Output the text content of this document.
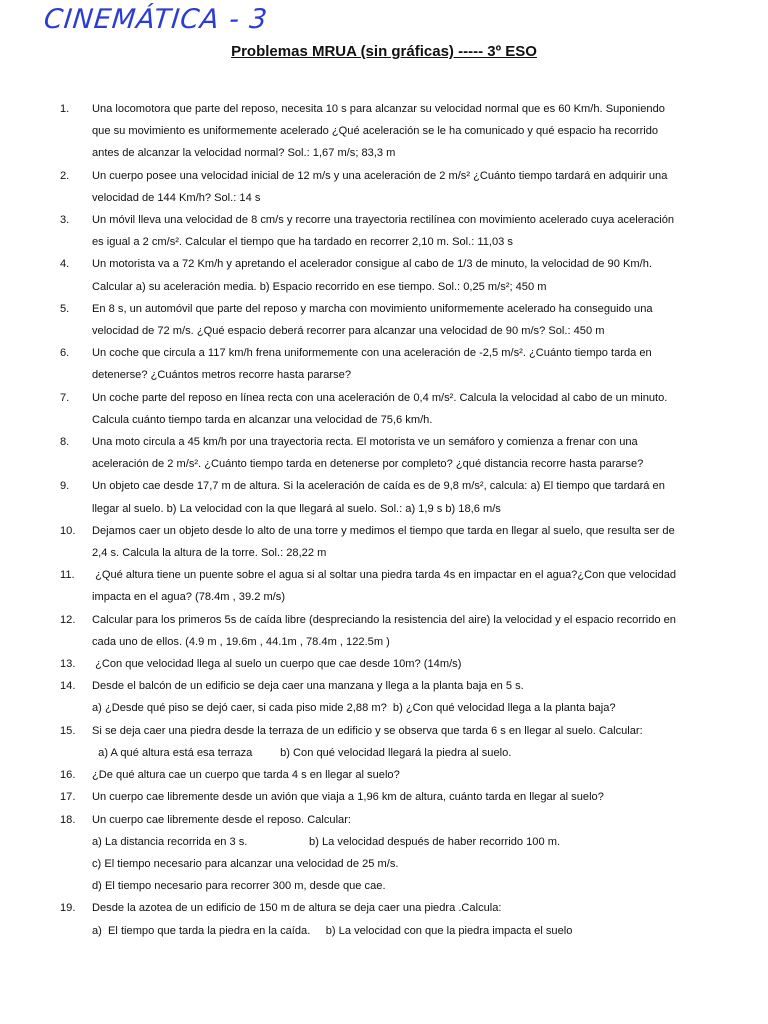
CINEMÁTICA - 3
Problemas MRUA (sin gráficas) ----- 3º ESO
1.	Una locomotora que parte del reposo, necesita 10 s para alcanzar su velocidad normal que es 60 Km/h. Suponiendo
que su movimiento es uniformemente acelerado ¿Qué aceleración se le ha comunicado y qué espacio ha recorrido
antes de alcanzar la velocidad normal? Sol.: 1,67 m/s; 83,3 m
2.	Un cuerpo posee una velocidad inicial de 12 m/s y una aceleración de 2 m/s² ¿Cuánto tiempo tardará en adquirir una
velocidad de 144 Km/h? Sol.: 14 s
3.	Un móvil lleva una velocidad de 8 cm/s y recorre una trayectoria rectilínea con movimiento acelerado cuya aceleración
es igual a 2 cm/s². Calcular el tiempo que ha tardado en recorrer 2,10 m. Sol.: 11,03 s
4.	Un motorista va a 72 Km/h y apretando el acelerador consigue al cabo de 1/3 de minuto, la velocidad de 90 Km/h.
Calcular a) su aceleración media. b) Espacio recorrido en ese tiempo. Sol.: 0,25 m/s²; 450 m
5.	En 8 s, un automóvil que parte del reposo y marcha con movimiento uniformemente acelerado ha conseguido una
velocidad de 72 m/s. ¿Qué espacio deberá recorrer para alcanzar una velocidad de 90 m/s? Sol.: 450 m
6.	Un coche que circula a 117 km/h frena uniformemente con una aceleración de -2,5 m/s². ¿Cuánto tiempo tarda en
detenerse? ¿Cuántos metros recorre hasta pararse?
7.	Un coche parte del reposo en línea recta con una aceleración de 0,4 m/s². Calcula la velocidad al cabo de un minuto.
Calcula cuánto tiempo tarda en alcanzar una velocidad de 75,6 km/h.
8.	Una moto circula a 45 km/h por una trayectoria recta. El motorista ve un semáforo y comienza a frenar con una
aceleración de 2 m/s². ¿Cuánto tiempo tarda en detenerse por completo? ¿qué distancia recorre hasta pararse?
9.	Un objeto cae desde 17,7 m de altura. Si la aceleración de caída es de 9,8 m/s², calcula: a) El tiempo que tardará en
llegar al suelo. b) La velocidad con la que llegará al suelo. Sol.: a) 1,9 s b) 18,6 m/s
10.	Dejamos caer un objeto desde lo alto de una torre y medimos el tiempo que tarda en llegar al suelo, que resulta ser de
2,4 s. Calcula la altura de la torre. Sol.: 28,22 m
11.	¿Qué altura tiene un puente sobre el agua si al soltar una piedra tarda 4s en impactar en el agua?¿Con que velocidad
impacta en el agua? (78.4m , 39.2 m/s)
12.	Calcular para los primeros 5s de caída libre (despreciando la resistencia del aire) la velocidad y el espacio recorrido en
cada uno de ellos. (4.9 m , 19.6m , 44.1m , 78.4m , 122.5m )
13.	¿Con que velocidad llega al suelo un cuerpo que cae desde 10m? (14m/s)
14.	Desde el balcón de un edificio se deja caer una manzana y llega a la planta baja en 5 s.
a) ¿Desde qué piso se dejó caer, si cada piso mide 2,88 m?  b) ¿Con qué velocidad llega a la planta baja?
15.	Si se deja caer una piedra desde la terraza de un edificio y se observa que tarda 6 s en llegar al suelo. Calcular:
a) A qué altura está esa terraza         b) Con qué velocidad llegará la piedra al suelo.
16.	¿De qué altura cae un cuerpo que tarda 4 s en llegar al suelo?
17.	Un cuerpo cae libremente desde un avión que viaja a 1,96 km de altura, cuánto tarda en llegar al suelo?
18.	Un cuerpo cae libremente desde el reposo. Calcular:
a) La distancia recorrida en 3 s.                    b) La velocidad después de haber recorrido 100 m.
c) El tiempo necesario para alcanzar una velocidad de 25 m/s.
d) El tiempo necesario para recorrer 300 m, desde que cae.
19.	Desde la azotea de un edificio de 150 m de altura se deja caer una piedra .Calcula:
a)  El tiempo que tarda la piedra en la caída.     b) La velocidad con que la piedra impacta el suelo
